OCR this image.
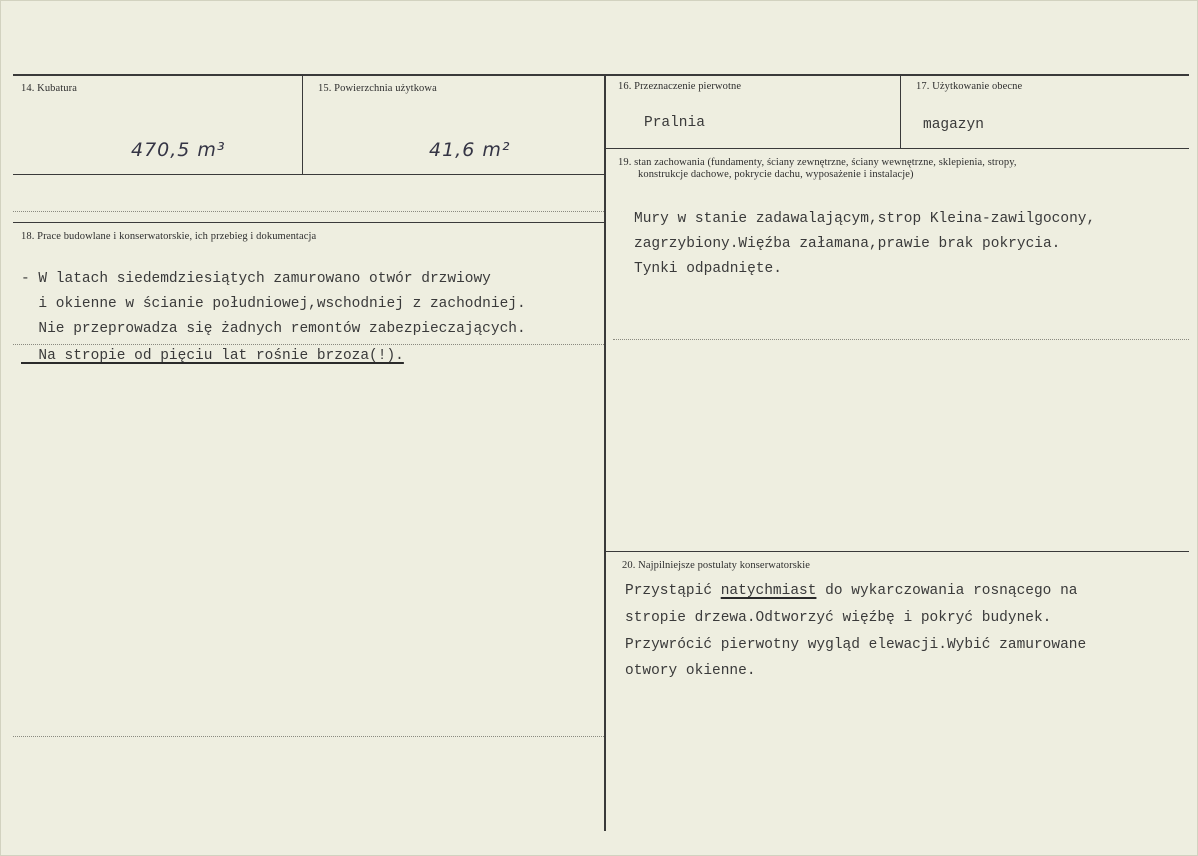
14. Kubatura
470,5 m³
15. Powierzchnia użytkowa
41,6 m²
16. Przeznaczenie pierwotne
Pralnia
17. Użytkowanie obecne
magazyn
18. Prace budowlane i konserwatorskie, ich przebieg i dokumentacja
- W latach siedemdziesiątych zamurowano otwór drzwiowy
i okienne w ścianie południowej,wschodniej z zachodniej.
Nie przeprowadza się żadnych remontów zabezpieczających.
Na stropie od pięciu lat rośnie brzoza(!).
19. stan zachowania (fundamenty, ściany zewnętrzne, ściany wewnętrzne, sklepienia, stropy,
konstrukcje dachowe, pokrycie dachu, wyposażenie i instalacje)
Mury w stanie zadawalającym,strop Kleina-zawilgocony,
zagrzybiony.Więźba załamana,prawie brak pokrycia.
Tynki odpadnięte.
20. Najpilniejsze postulaty konserwatorskie
Przystąpić natychmiast do wykarczowania rosnącego na
stropie drzewa.Odtworzyć więźbę i pokryć budynek.
Przywrócić pierwotny wygląd elewacji.Wybić zamurowane
otwory okienne.
